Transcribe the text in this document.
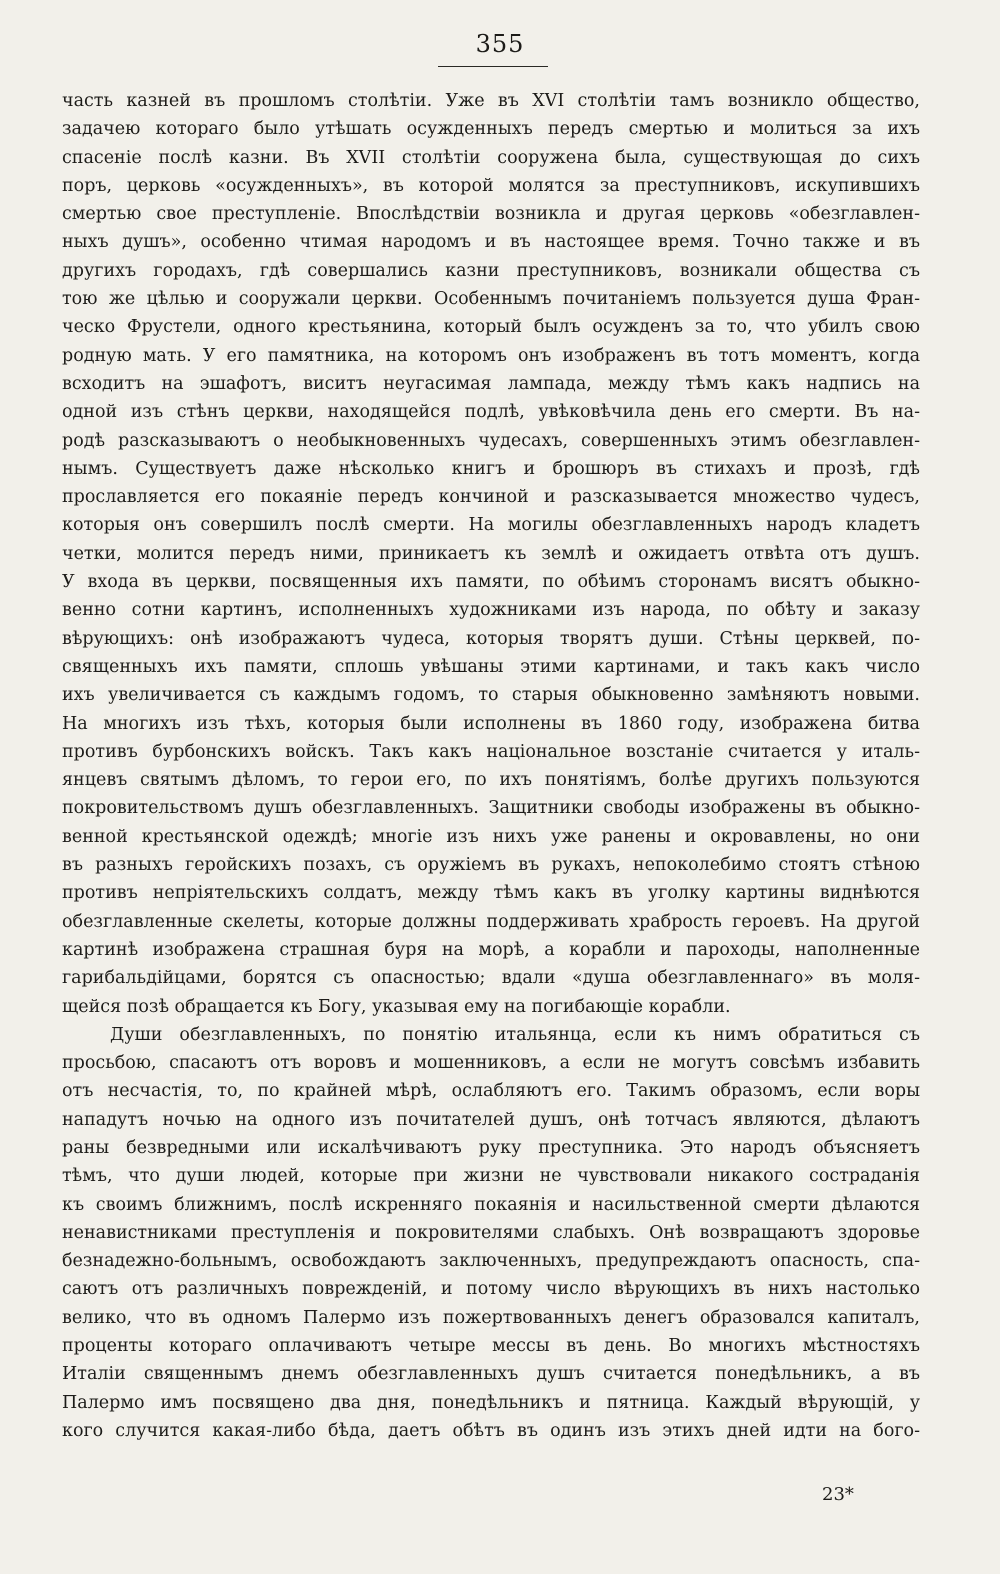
355
часть казней въ прошломъ столѣтіи. Уже въ XVI столѣтіи тамъ возникло общество,
задачею котораго было утѣшать осужденныхъ передъ смертью и молиться за ихъ
спасеніе послѣ казни. Въ XVII столѣтіи сооружена была, существующая до сихъ
поръ, церковь «осужденныхъ», въ которой молятся за преступниковъ, искупившихъ
смертью свое преступленіе. Впослѣдствіи возникла и другая церковь «обезглавлен-
ныхъ душъ», особенно чтимая народомъ и въ настоящее время. Точно также и въ
другихъ городахъ, гдѣ совершались казни преступниковъ, возникали общества съ
тою же цѣлью и сооружали церкви. Особеннымъ почитаніемъ пользуется душа Фран-
ческо Фрустели, одного крестьянина, который былъ осужденъ за то, что убилъ свою
родную мать. У его памятника, на которомъ онъ изображенъ въ тотъ моментъ, когда
всходитъ на эшафотъ, виситъ неугасимая лампада, между тѣмъ какъ надпись на
одной изъ стѣнъ церкви, находящейся подлѣ, увѣковѣчила день его смерти. Въ на-
родѣ разсказываютъ о необыкновенныхъ чудесахъ, совершенныхъ этимъ обезглавлен-
нымъ. Существуетъ даже нѣсколько книгъ и брошюръ въ стихахъ и прозѣ, гдѣ
прославляется его покаяніе передъ кончиной и разсказывается множество чудесъ,
которыя онъ совершилъ послѣ смерти. На могилы обезглавленныхъ народъ кладетъ
четки, молится передъ ними, приникаетъ къ землѣ и ожидаетъ отвѣта отъ душъ.
У входа въ церкви, посвященныя ихъ памяти, по обѣимъ сторонамъ висятъ обыкно-
венно сотни картинъ, исполненныхъ художниками изъ народа, по обѣту и заказу
вѣрующихъ: онѣ изображаютъ чудеса, которыя творятъ души. Стѣны церквей, по-
священныхъ ихъ памяти, сплошь увѣшаны этими картинами, и такъ какъ число
ихъ увеличивается съ каждымъ годомъ, то старыя обыкновенно замѣняютъ новыми.
На многихъ изъ тѣхъ, которыя были исполнены въ 1860 году, изображена битва
противъ бурбонскихъ войскъ. Такъ какъ національное возстаніе считается у италь-
янцевъ святымъ дѣломъ, то герои его, по ихъ понятіямъ, болѣе другихъ пользуются
покровительствомъ душъ обезглавленныхъ. Защитники свободы изображены въ обыкно-
венной крестьянской одеждѣ; многіе изъ нихъ уже ранены и окровавлены, но они
въ разныхъ геройскихъ позахъ, съ оружіемъ въ рукахъ, непоколебимо стоятъ стѣною
противъ непріятельскихъ солдатъ, между тѣмъ какъ въ уголку картины виднѣются
обезглавленные скелеты, которые должны поддерживать храбрость героевъ. На другой
картинѣ изображена страшная буря на морѣ, а корабли и пароходы, наполненные
гарибальдійцами, борятся съ опасностью; вдали «душа обезглавленнаго» въ моля-
щейся позѣ обращается къ Богу, указывая ему на погибающіе корабли.
Души обезглавленныхъ, по понятію итальянца, если къ нимъ обратиться съ
просьбою, спасаютъ отъ воровъ и мошенниковъ, а если не могутъ совсѣмъ избавить
отъ несчастія, то, по крайней мѣрѣ, ослабляютъ его. Такимъ образомъ, если воры
нападутъ ночью на одного изъ почитателей душъ, онѣ тотчасъ являются, дѣлаютъ
раны безвредными или искалѣчиваютъ руку преступника. Это народъ объясняетъ
тѣмъ, что души людей, которые при жизни не чувствовали никакого состраданія
къ своимъ ближнимъ, послѣ искренняго покаянія и насильственной смерти дѣлаются
ненавистниками преступленія и покровителями слабыхъ. Онѣ возвращаютъ здоровье
безнадежно-больнымъ, освобождаютъ заключенныхъ, предупреждаютъ опасность, спа-
саютъ отъ различныхъ поврежденій, и потому число вѣрующихъ въ нихъ настолько
велико, что въ одномъ Палермо изъ пожертвованныхъ денегъ образовался капиталъ,
проценты котораго оплачиваютъ четыре мессы въ день. Во многихъ мѣстностяхъ
Италіи священнымъ днемъ обезглавленныхъ душъ считается понедѣльникъ, а въ
Палермо имъ посвящено два дня, понедѣльникъ и пятница. Каждый вѣрующій, у
кого случится какая-либо бѣда, даетъ обѣтъ въ одинъ изъ этихъ дней идти на бого-
23*
